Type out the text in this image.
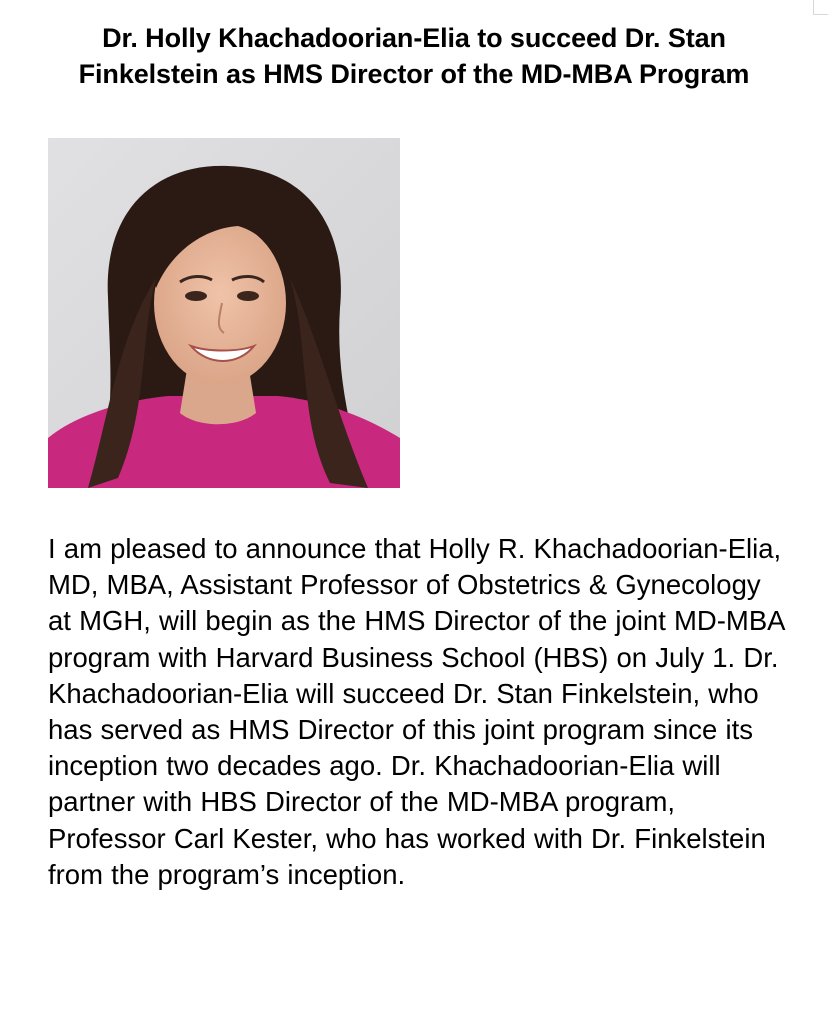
Dr. Holly Khachadoorian-Elia to succeed Dr. Stan Finkelstein as HMS Director of the MD-MBA Program

I am pleased to announce that Holly R. Khachadoorian-Elia, MD, MBA, Assistant Professor of Obstetrics & Gynecology at MGH, will begin as the HMS Director of the joint MD-MBA program with Harvard Business School (HBS) on July 1. Dr. Khachadoorian-Elia will succeed Dr. Stan Finkelstein, who has served as HMS Director of this joint program since its inception two decades ago. Dr. Khachadoorian-Elia will partner with HBS Director of the MD-MBA program, Professor Carl Kester, who has worked with Dr. Finkelstein from the program’s inception.
